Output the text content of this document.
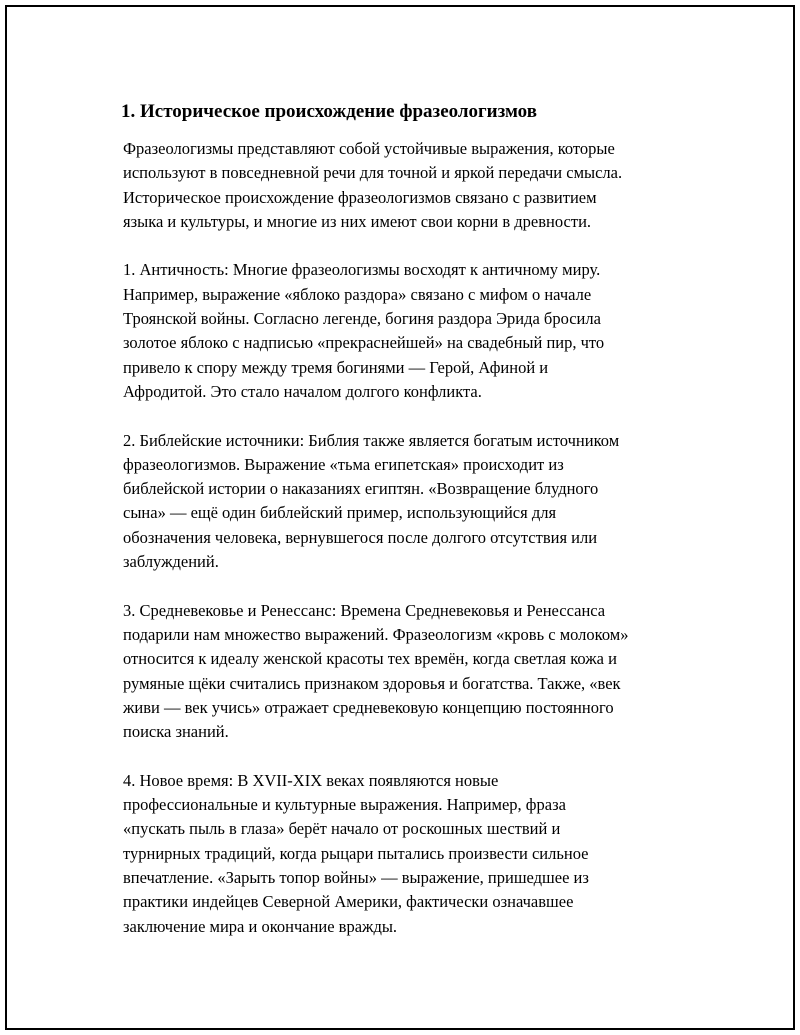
1. Историческое происхождение фразеологизмов

Фразеологизмы представляют собой устойчивые выражения, которые
используют в повседневной речи для точной и яркой передачи смысла.
Историческое происхождение фразеологизмов связано с развитием
языка и культуры, и многие из них имеют свои корни в древности.

1. Античность: Многие фразеологизмы восходят к античному миру.
Например, выражение «яблоко раздора» связано с мифом о начале
Троянской войны. Согласно легенде, богиня раздора Эрида бросила
золотое яблоко с надписью «прекраснейшей» на свадебный пир, что
привело к спору между тремя богинями — Герой, Афиной и
Афродитой. Это стало началом долгого конфликта.

2. Библейские источники: Библия также является богатым источником
фразеологизмов. Выражение «тьма египетская» происходит из
библейской истории о наказаниях египтян. «Возвращение блудного
сына» — ещё один библейский пример, использующийся для
обозначения человека, вернувшегося после долгого отсутствия или
заблуждений.

3. Средневековье и Ренессанс: Времена Средневековья и Ренессанса
подарили нам множество выражений. Фразеологизм «кровь с молоком»
относится к идеалу женской красоты тех времён, когда светлая кожа и
румяные щёки считались признаком здоровья и богатства. Также, «век
живи — век учись» отражает средневековую концепцию постоянного
поиска знаний.

4. Новое время: В XVII-XIX веках появляются новые
профессиональные и культурные выражения. Например, фраза
«пускать пыль в глаза» берёт начало от роскошных шествий и
турнирных традиций, когда рыцари пытались произвести сильное
впечатление. «Зарыть топор войны» — выражение, пришедшее из
практики индейцев Северной Америки, фактически означавшее
заключение мира и окончание вражды.
